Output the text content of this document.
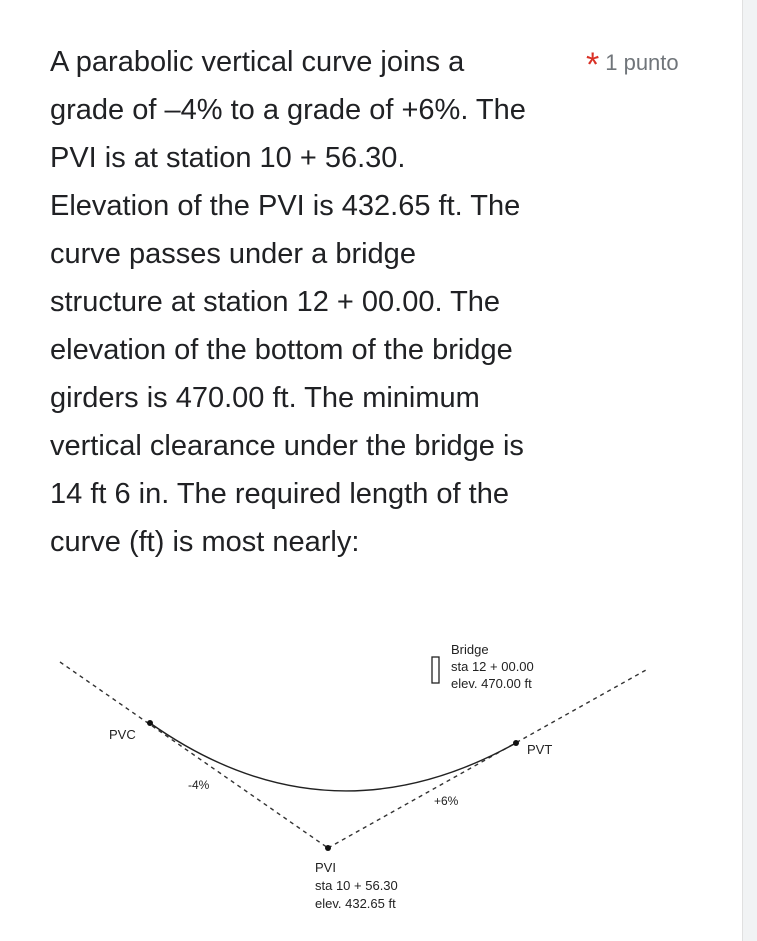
A parabolic vertical curve joins a
grade of –4% to a grade of +6%. The
PVI is at station 10 + 56.30.
Elevation of the PVI is 432.65 ft. The
curve passes under a bridge
structure at station 12 + 00.00. The
elevation of the bottom of the bridge
girders is 470.00 ft. The minimum
vertical clearance under the bridge is
14 ft 6 in. The required length of the
curve (ft) is most nearly:
* 1 punto
Bridge
sta 12 + 00.00
elev. 470.00 ft
PVC
PVT
-4%
+6%
PVI
sta 10 + 56.30
elev. 432.65 ft
